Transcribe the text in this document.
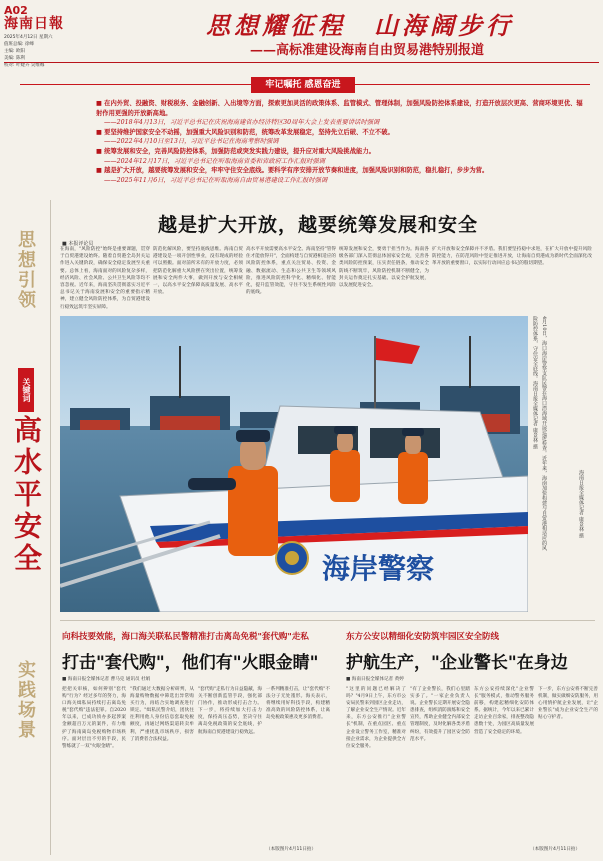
A02
海南日報
2025年4月12日 星期六
值班总编: 徐峰
主编: 欧阳
美编: 陈利
校对: 叶婕卉 吴维娜
思想耀征程　山海阔步行
——高标准建设海南自由贸易港特别报道
牢记嘱托 感恩奋进
■ 在内外贸、投融资、财税税务、金融创新、入出境等方面，探索更加灵活的政策体系、监管模式、管理体制，加强风险防控体系建设，打造开放层次更高、营商环境更优、辐射作用更强的开放新高地。
——2018年4月13日，习近平总书记在庆祝海南建省办经济特区30周年大会上发表重要讲话时强调
■ 要坚持维护国家安全不动摇，加强重大风险识别和防范，统筹改革发展稳定，坚持先立后破、不立不破。
——2022年4月10日至13日，习近平总书记在海南考察时强调
■ 统筹发展和安全，完善风险防控体系，加强防范或突发实践力建设，提升应对重大风险挑战能力。
——2024年12月17日，习近平总书记在听取海南省委和省政府工作汇报时强调
■ 越是扩大开放，越要统筹发展和安全，牢牢守住安全底线。要科学有序安排开放节奏和进度，加强风险识别和防范，稳扎稳打，步步为营。
——2025年11月6日，习近平总书记在听取海南自由贸易港建设工作汇报时强调
思想引领
关键词
高水平安全
实践场景
越是扩大开放，越要统筹发展和安全
■ 本报评论员
在海南，"风险防控"始终是重要课题，贯穿于自贸港建设始终。随着自贸港全岛封关运作进入关键阶段，确保安全稳定发展至关重要。总体上看，海南面对的风险复杂多样，经济风险、社会风险、公共卫生风险等均不容忽视。近年来，海南坚决贯彻落实习近平总书记关于海南发展和安全的重要指示精神，建立健全风险防控体系，为自贸港建设行稳致远筑牢坚实屏障。
防范化解风险，要坚持底线思维。海南自贸港建设是一项开创性事业，没有现成的经验可以照搬。面对前所未有的开放力度，必须把防范化解重大风险摆在突出位置，统筹发展和安全两件大事，做到开放与安全相统一，以高水平安全保障高质量发展、高水平开放。
高水平开放需要高水平安全。海南坚持"管得住才能放得开"，全面构建与自贸港相适应的风险防控体系，重点关注贸易、投资、金融、数据流动、生态和公共卫生等领域风险，推进风险防控科学化、精细化、智能化，提升监管效能，守住不发生系统性风险的底线。
统筹发展和安全，要勇于担当作为。海南各级各部门深入贯彻总体国家安全观，完善各类风险防控预案，压实责任链条，推动安全防线不断筑牢，风险防控机制不断健全，为封关运作奠定扎实基础。以安全护航发展，以发展促进安全。
扩大开放和安全保障并不矛盾。我们要坚持稳中求进，在扩大开放中提升风险防控能力，在防范风险中坚定推进开放，让海南自贸港成为新时代全面深化改革开放的重要窗口，以实际行动回应总书记的殷切期望。
海岸警察
4月10日，海口海岸警察支队民警在海口湾海域开展巡逻检查。近年来，海南加快构建与自贸港相适应的风险防控体系，守住安全底线。海南日报全媒体记者 康景林 摄
海南日报全媒体记者 康景林 摄
向科技要效能，海口海关联私民警精准打击离岛免税"套代购"走私
打击"套代购"，他们有"火眼金睛"
■ 海南日报全媒体记者 曹马克 通讯员 杜娟
把把关审核，如何辨别"套代购"行为？经过多年的努力，海口海关缉私局持续打击离岛免税"套代购"违法犯罪。自2020年以来，已成功侦办多起涉案金额超百万元的案件，有力维护了海南离岛免税购物市场秩序。面对层出不穷的手段，民警练就了一双"火眼金睛"。
"我们通过大数据分析研判，从海量购物数据中筛选出异常购买行为，再结合实地调查进行锁定。"缉私民警介绍，团伙往往利用他人身份信息套取免税额度，再通过网络渠道转卖牟利，严重扰乱市场秩序，损害了消费者合法权益。
"套代购"走私行为日益隐蔽，海关不断创新监管手段，强化部门协作，推动形成打击合力。下一步，将持续加大打击力度，保持高压态势，坚决守住离岛免税政策的安全底线，护航海南自贸港建设行稳致远。
一系列精准打击，让"套代购"不法分子无处遁形。海关表示，将继续用好科技手段，构建精准高效的风险防控体系，让离岛免税政策惠及更多消费者。
（本版图片4月11日拍）
东方公安以精细化安防筑牢园区安全防线
护航生产，"企业警长"在身边
■ 海南日报全媒体记者 黄婷
"这里的问题已经解决了吗？"4月9日上午，东方市公安局民警来到园区企业走访，了解企业安全生产情况。近年来，东方公安推行"企业警长"机制，在重点园区、重点企业设立警务工作室，精准对接企业需求，为企业提供全方位安全服务。
"有了企业警长，我们心里踏实多了。"一家企业负责人说。企业警长定期开展安全隐患排查，组织消防演练和安全宣传，帮助企业健全内部安全管理制度，及时化解各类矛盾纠纷，有效提升了园区安全防范水平。
东方公安持续深化"企业警长"服务模式，推动警务服务前移，构建起精细化安防体系。据统计，今年以来已累计走访企业百余家，排查整改隐患数十处，为园区高质量发展营造了安全稳定的环境。
下一步，东方公安将不断完善机制，做实做细安防服务，用心用情护航企业发展，让"企业警长"成为企业安全生产的贴心守护者。
（本版图片4月11日拍）
